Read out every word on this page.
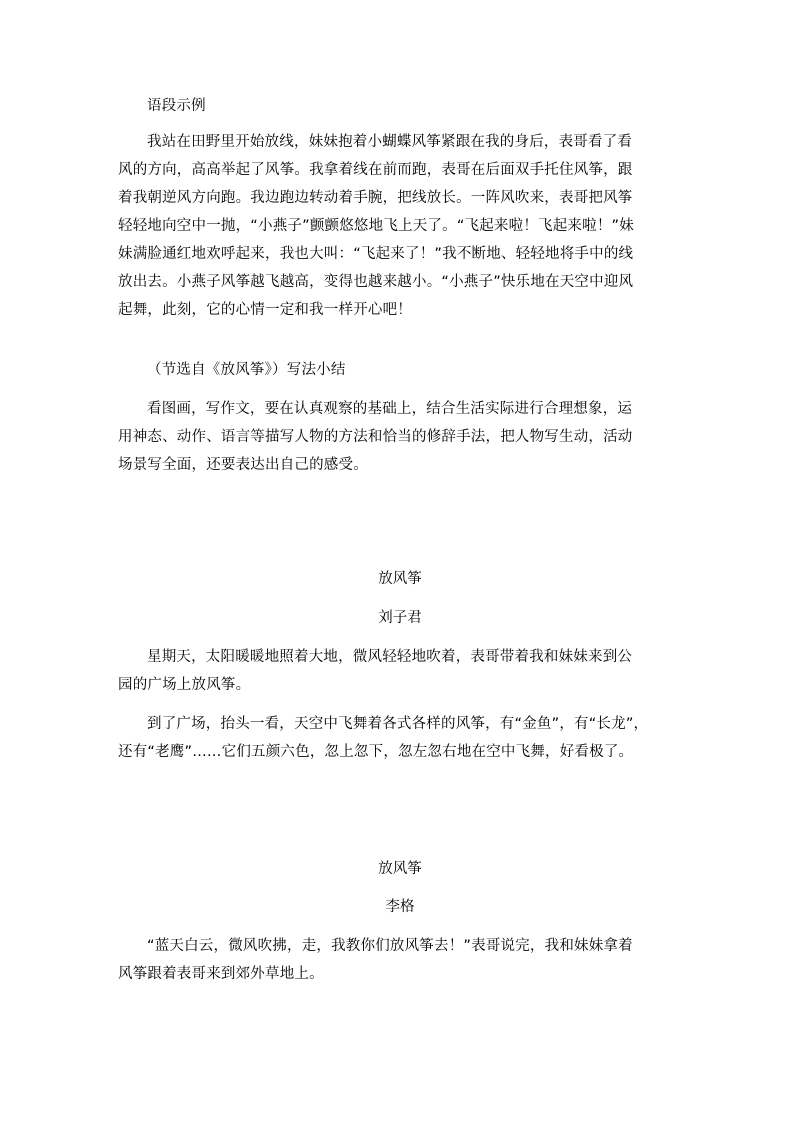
语段示例
我站在田野里开始放线，妹妹抱着小蝴蝶风筝紧跟在我的身后，表哥看了看
风的方向，高高举起了风筝。我拿着线在前而跑，表哥在后面双手托住风筝，跟
着我朝逆风方向跑。我边跑边转动着手腕，把线放长。一阵风吹来，表哥把风筝
轻轻地向空中一抛，“小燕子”颤颤悠悠地飞上天了。“飞起来啦！飞起来啦！”妹
妹满脸通红地欢呼起来，我也大叫：“飞起来了！”我不断地、轻轻地将手中的线
放出去。小燕子风筝越飞越高，变得也越来越小。“小燕子”快乐地在天空中迎风
起舞，此刻，它的心情一定和我一样开心吧！
（节选自《放风筝》）写法小结
看图画，写作文，要在认真观察的基础上，结合生活实际进行合理想象，运
用神态、动作、语言等描写人物的方法和恰当的修辞手法，把人物写生动，活动
场景写全面，还要表达出自己的感受。
放风筝
刘子君
星期天，太阳暖暖地照着大地，微风轻轻地吹着，表哥带着我和妹妹来到公
园的广场上放风筝。
到了广场，抬头一看，天空中飞舞着各式各样的风筝，有“金鱼”，有“长龙”，
还有“老鹰”……它们五颜六色，忽上忽下，忽左忽右地在空中飞舞，好看极了。
放风筝
李格
“蓝天白云，微风吹拂，走，我教你们放风筝去！”表哥说完，我和妹妹拿着
风筝跟着表哥来到郊外草地上。
